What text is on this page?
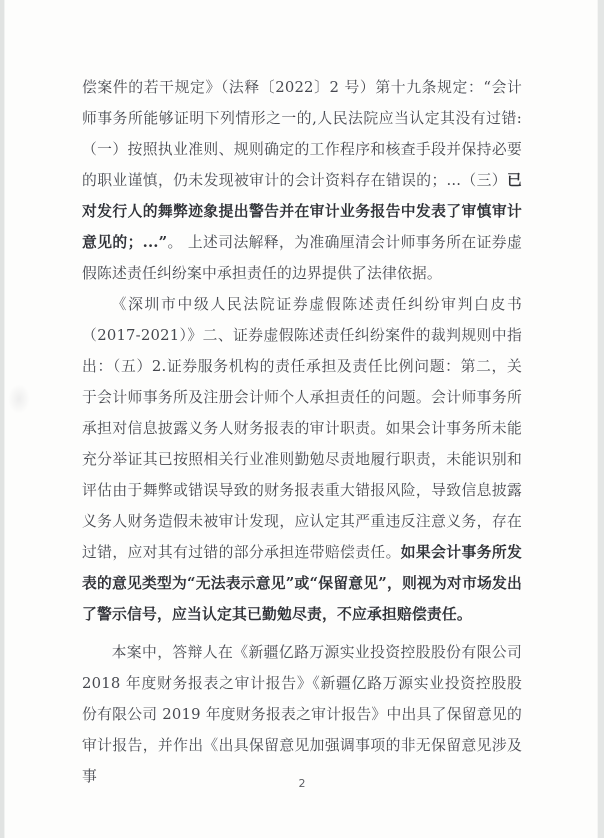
偿案件的若干规定》（法释〔2022〕2 号）第十九条规定：“会计师事务所能够证明下列情形之一的,人民法院应当认定其没有过错:（一）按照执业准则、规则确定的工作程序和核查手段并保持必要的职业谨慎，仍未发现被审计的会计资料存在错误的；...（三）已对发行人的舞弊迹象提出警告并在审计业务报告中发表了审慎审计意见的；...”。 上述司法解释，为准确厘清会计师事务所在证券虚假陈述责任纠纷案中承担责任的边界提供了法律依据。

《深圳市中级人民法院证券虚假陈述责任纠纷审判白皮书（2017-2021）》二、证券虚假陈述责任纠纷案件的裁判规则中指出：（五）2.证券服务机构的责任承担及责任比例问题：第二，关于会计师事务所及注册会计师个人承担责任的问题。会计师事务所承担对信息披露义务人财务报表的审计职责。如果会计事务所未能充分举证其已按照相关行业准则勤勉尽责地履行职责，未能识别和评估由于舞弊或错误导致的财务报表重大错报风险，导致信息披露义务人财务造假未被审计发现，应认定其严重违反注意义务，存在过错，应对其有过错的部分承担连带赔偿责任。如果会计事务所发表的意见类型为“无法表示意见”或“保留意见”，则视为对市场发出了警示信号，应当认定其已勤勉尽责，不应承担赔偿责任。

本案中，答辩人在《新疆亿路万源实业投资控股股份有限公司 2018 年度财务报表之审计报告》《新疆亿路万源实业投资控股股份有限公司 2019 年度财务报表之审计报告》中出具了保留意见的审计报告，并作出《出具保留意见加强调事项的非无保留意见涉及事	2
